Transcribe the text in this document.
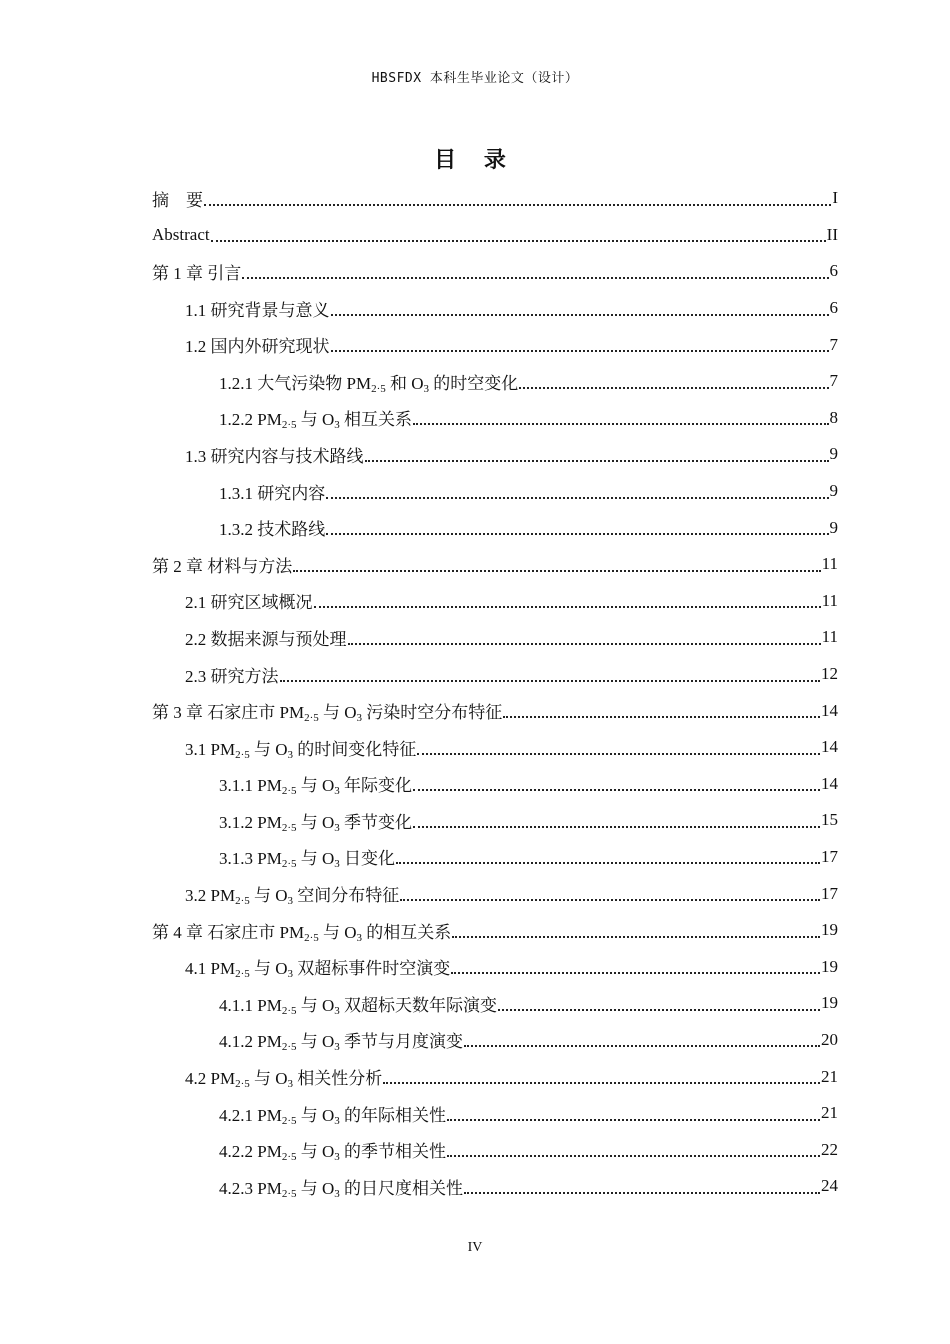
HBSFDX 本科生毕业论文（设计）
目 录
摘　要	I
Abstract	II
第 1 章 引言	6
1.1 研究背景与意义	6
1.2 国内外研究现状	7
1.2.1 大气污染物 $PM_{2\cdot 5}$ 和 $O_3$ 的时空变化	7
1.2.2 $PM_{2\cdot 5}$ 与 $O_3$ 相互关系	8
1.3 研究内容与技术路线	9
1.3.1 研究内容	9
1.3.2 技术路线	9
第 2 章 材料与方法	11
2.1 研究区域概况	11
2.2 数据来源与预处理	11
2.3 研究方法	12
第 3 章 石家庄市 $PM_{2\cdot 5}$ 与 $O_3$ 污染时空分布特征	14
3.1 $PM_{2\cdot 5}$ 与 $O_3$ 的时间变化特征	14
3.1.1 $PM_{2\cdot 5}$ 与 $O_3$ 年际变化	14
3.1.2 $PM_{2\cdot 5}$ 与 $O_3$ 季节变化	15
3.1.3 $PM_{2\cdot 5}$ 与 $O_3$ 日变化	17
3.2 $PM_{2\cdot 5}$ 与 $O_3$ 空间分布特征	17
第 4 章 石家庄市 $PM_{2\cdot 5}$ 与 $O_3$ 的相互关系	19
4.1 $PM_{2\cdot 5}$ 与 $O_3$ 双超标事件时空演变	19
4.1.1 $PM_{2\cdot 5}$ 与 $O_3$ 双超标天数年际演变	19
4.1.2 $PM_{2\cdot 5}$ 与 $O_3$ 季节与月度演变	20
4.2 $PM_{2\cdot 5}$ 与 $O_3$ 相关性分析	21
4.2.1 $PM_{2\cdot 5}$ 与 $O_3$ 的年际相关性	21
4.2.2 $PM_{2\cdot 5}$ 与 $O_3$ 的季节相关性	22
4.2.3 $PM_{2\cdot 5}$ 与 $O_3$ 的日尺度相关性	24
IV
